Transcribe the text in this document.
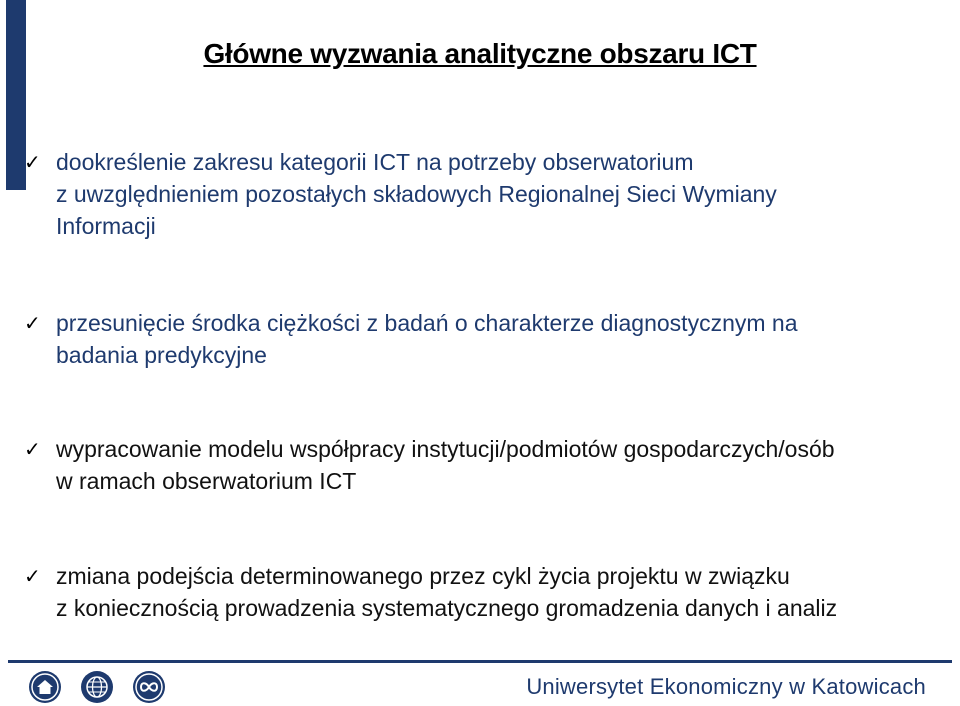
Główne wyzwania analityczne obszaru ICT
✓ dookreślenie zakresu kategorii ICT na potrzeby obserwatorium
z uwzględnieniem pozostałych składowych Regionalnej Sieci Wymiany
Informacji
✓ przesunięcie środka ciężkości z badań o charakterze diagnostycznym na
badania predykcyjne
✓ wypracowanie modelu współpracy instytucji/podmiotów gospodarczych/osób
w ramach obserwatorium ICT
✓ zmiana podejścia determinowanego przez cykl życia projektu w związku
z koniecznością prowadzenia systematycznego gromadzenia danych i analiz
Uniwersytet Ekonomiczny w Katowicach
